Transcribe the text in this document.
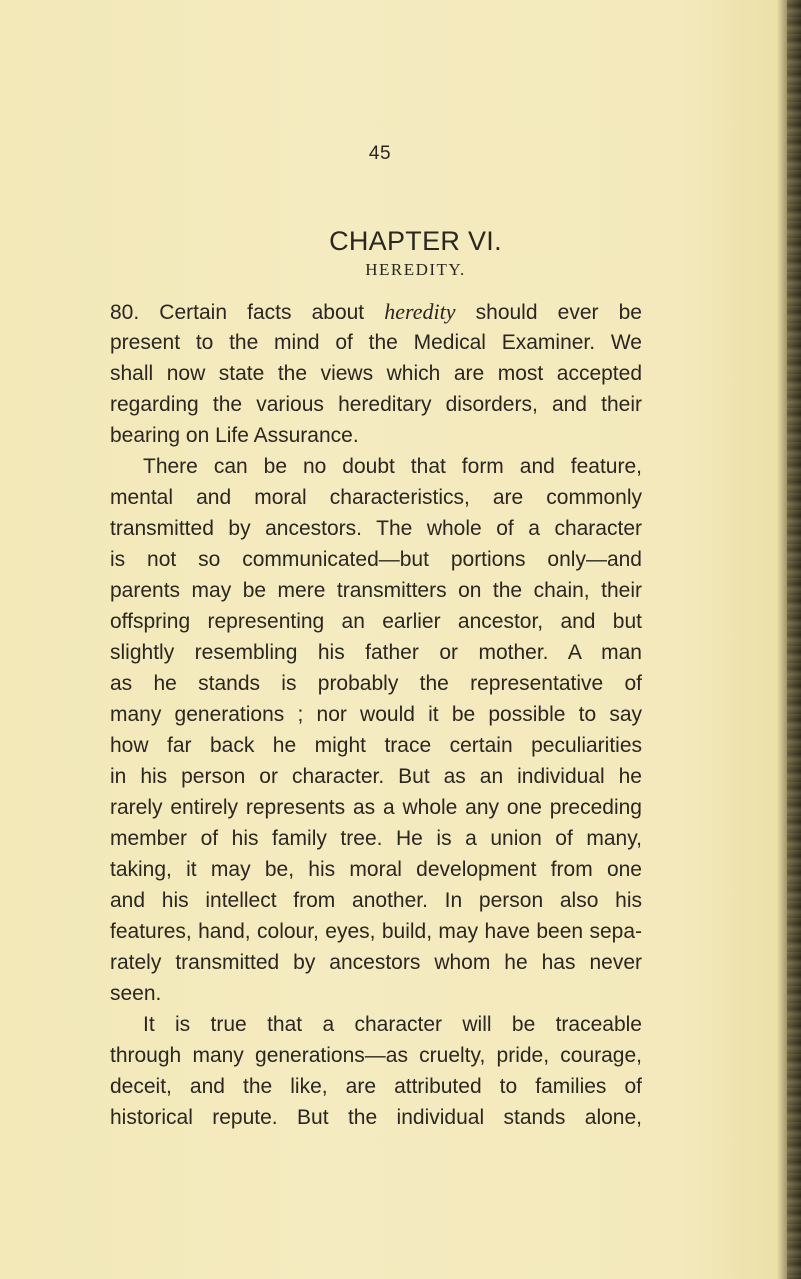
45
CHAPTER VI.
HEREDITY.
80. Certain facts about heredity should ever be
present to the mind of the Medical Examiner. We
shall now state the views which are most accepted
regarding the various hereditary disorders, and their
bearing on Life Assurance.
There can be no doubt that form and feature,
mental and moral characteristics, are commonly
transmitted by ancestors. The whole of a character
is not so communicated—but portions only—and
parents may be mere transmitters on the chain, their
offspring representing an earlier ancestor, and but
slightly resembling his father or mother. A man
as he stands is probably the representative of
many generations ; nor would it be possible to say
how far back he might trace certain peculiarities
in his person or character. But as an individual he
rarely entirely represents as a whole any one preceding
member of his family tree. He is a union of many,
taking, it may be, his moral development from one
and his intellect from another. In person also his
features, hand, colour, eyes, build, may have been sepa-
rately transmitted by ancestors whom he has never
seen.
It is true that a character will be traceable
through many generations—as cruelty, pride, courage,
deceit, and the like, are attributed to families of
historical repute. But the individual stands alone,
